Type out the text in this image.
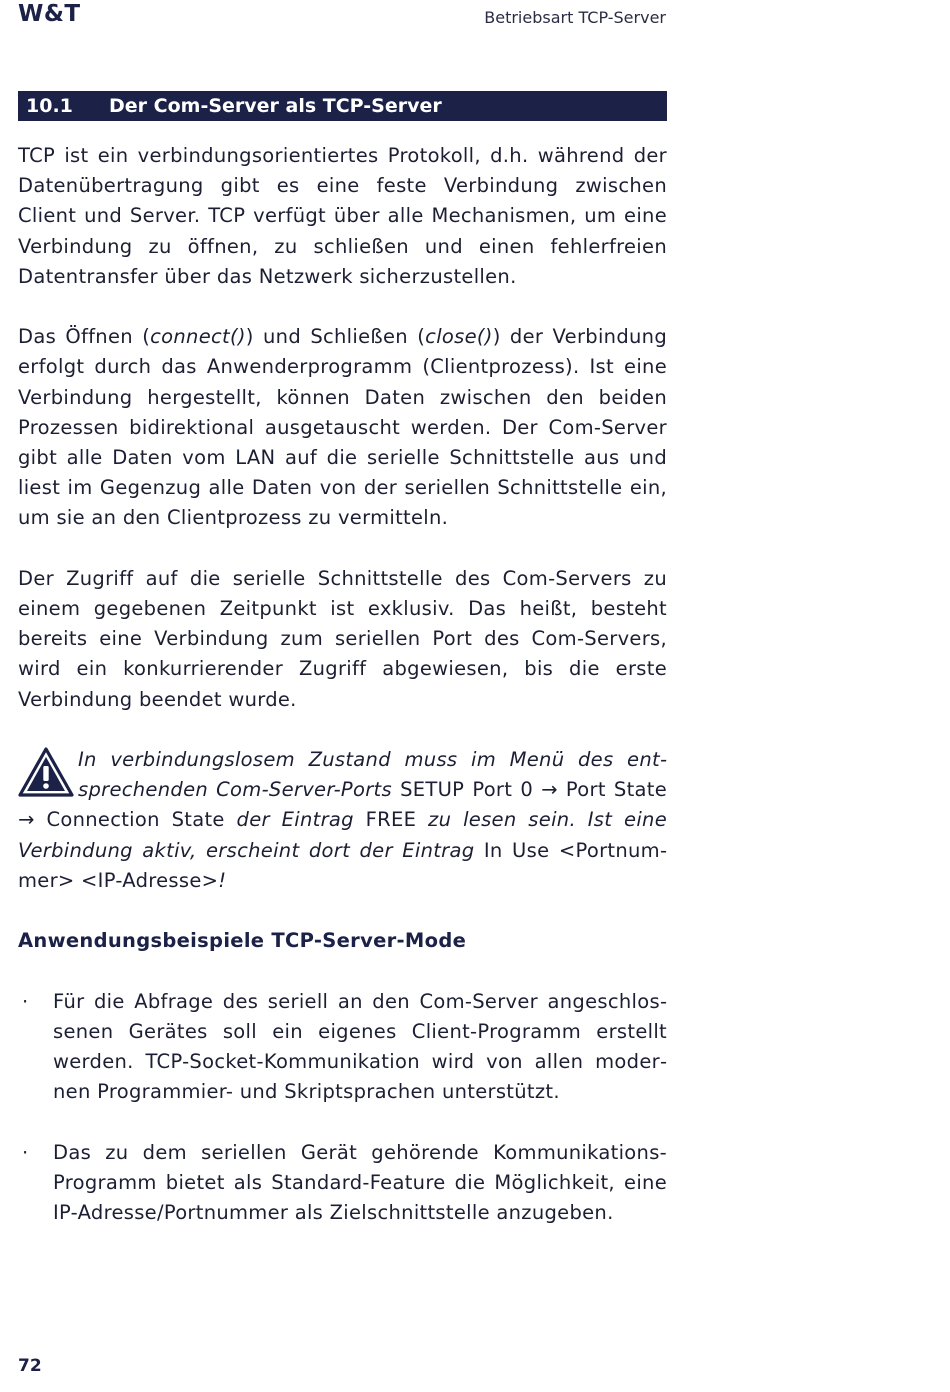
W&T	Betriebsart TCP-Server
10.1 Der Com-Server als TCP-Server

TCP ist ein verbindungsorientiertes Protokoll, d.h. während der Datenübertragung gibt es eine feste Verbindung zwischen Client und Server. TCP verfügt über alle Mechanismen, um eine Verbindung zu öffnen, zu schließen und einen fehlerfreien Datentransfer über das Netzwerk sicherzustellen.

Das Öffnen (connect()) und Schließen (close()) der Verbindung erfolgt durch das Anwenderprogramm (Clientprozess). Ist eine Verbindung hergestellt, können Daten zwischen den beiden Prozessen bidirektional ausgetauscht werden. Der Com-Server gibt alle Daten vom LAN auf die serielle Schnittstelle aus und liest im Gegenzug alle Daten von der seriellen Schnittstelle ein, um sie an den Clientprozess zu vermitteln.

Der Zugriff auf die serielle Schnittstelle des Com-Servers zu einem gegebenen Zeitpunkt ist exklusiv. Das heißt, besteht bereits eine Verbindung zum seriellen Port des Com-Servers, wird ein konkurrierender Zugriff abgewiesen, bis die erste Verbindung beendet wurde.

In verbindungslosem Zustand muss im Menü des entsprechenden Com-Server-Ports SETUP Port 0 → Port State → Connection State der Eintrag FREE zu lesen sein. Ist eine Verbindung aktiv, erscheint dort der Eintrag In Use <Portnummer> <IP-Adresse>!

Anwendungsbeispiele TCP-Server-Mode

· Für die Abfrage des seriell an den Com-Server angeschlossenen Gerätes soll ein eigenes Client-Programm erstellt werden. TCP-Socket-Kommunikation wird von allen modernen Programmier- und Skriptsprachen unterstützt.
· Das zu dem seriellen Gerät gehörende Kommunikations-Programm bietet als Standard-Feature die Möglichkeit, eine IP-Adresse/Portnummer als Zielschnittstelle anzugeben.
72
